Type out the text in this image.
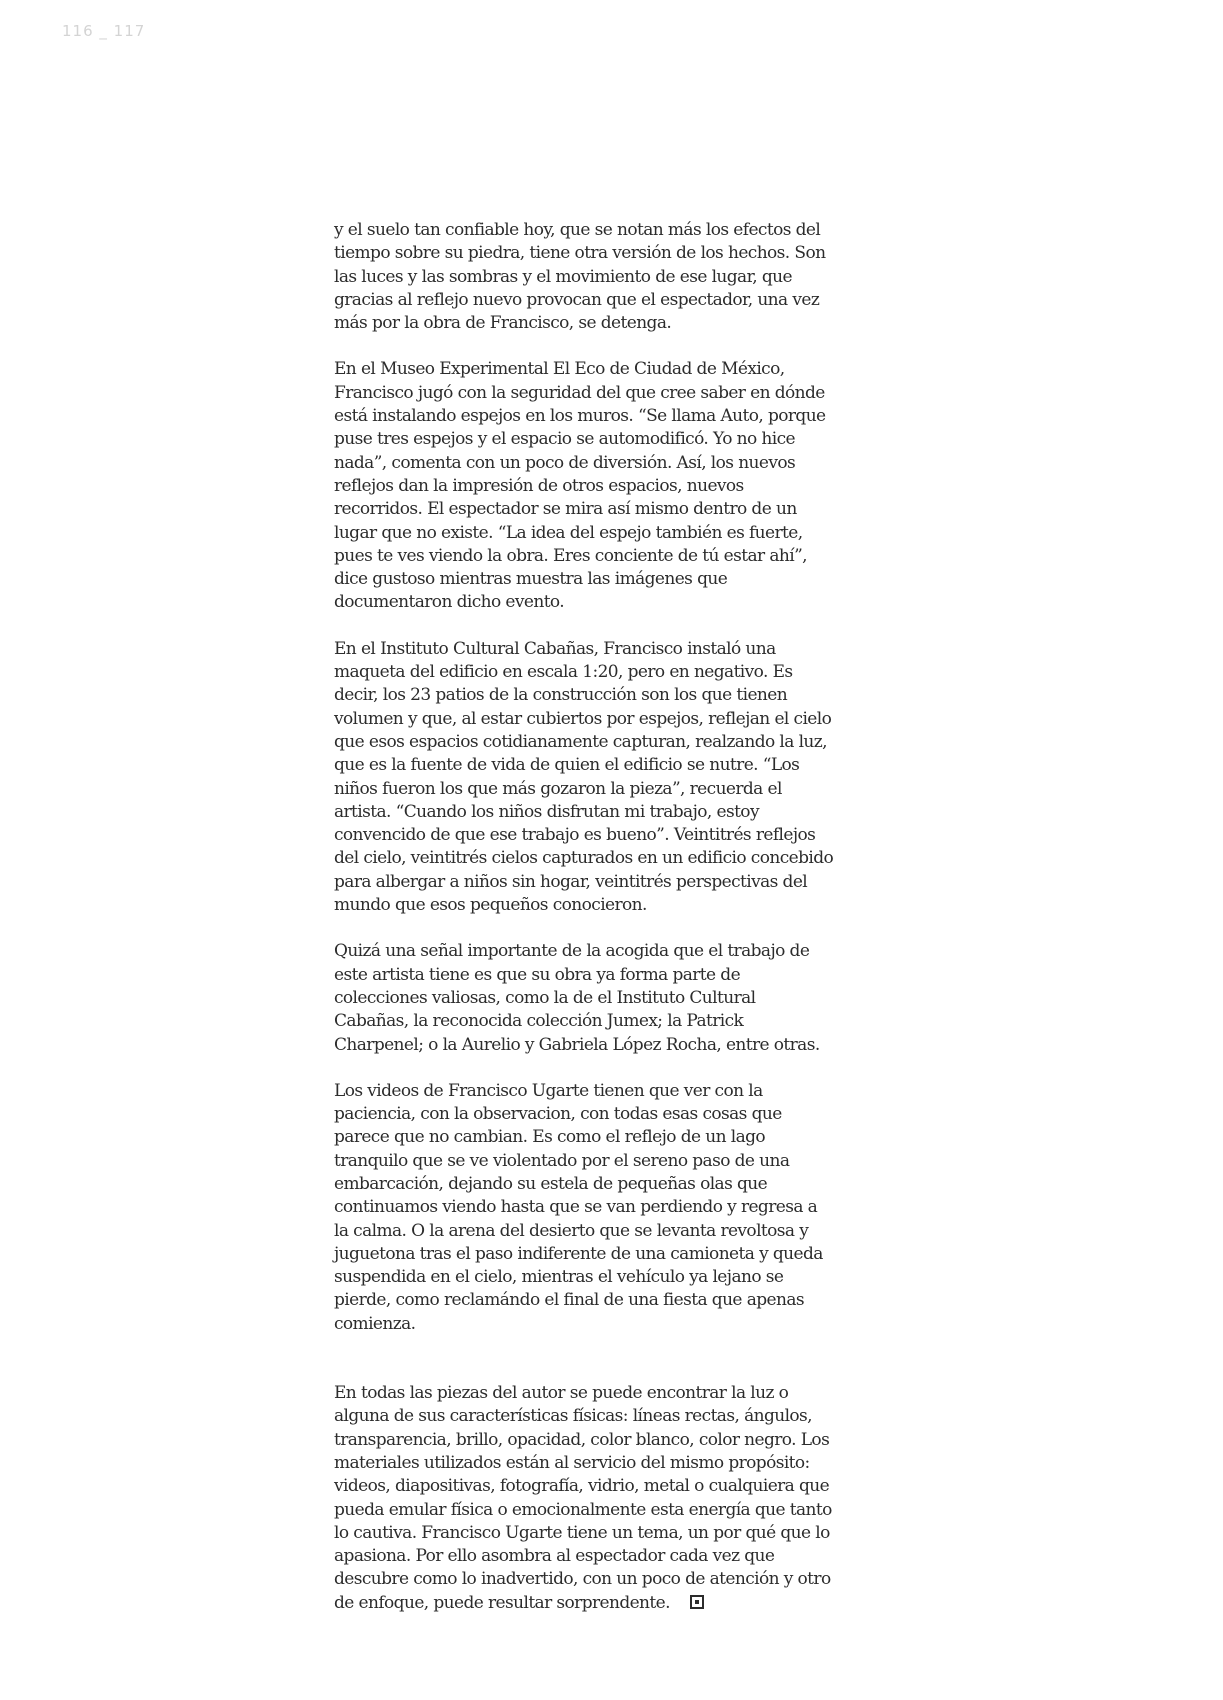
116 _ 117

y el suelo tan confiable hoy, que se notan más los efectos del tiempo sobre su piedra, tiene otra versión de los hechos. Son las luces y las sombras y el movimiento de ese lugar, que gracias al reflejo nuevo provocan que el espectador, una vez más por la obra de Francisco, se detenga.

En el Museo Experimental El Eco de Ciudad de México, Francisco jugó con la seguridad del que cree saber en dónde está instalando espejos en los muros. “Se llama Auto, porque puse tres espejos y el espacio se automodificó. Yo no hice nada”, comenta con un poco de diversión. Así, los nuevos reflejos dan la impresión de otros espacios, nuevos recorridos. El espectador se mira así mismo dentro de un lugar que no existe. “La idea del espejo también es fuerte, pues te ves viendo la obra. Eres conciente de tú estar ahí”, dice gustoso mientras muestra las imágenes que documentaron dicho evento.

En el Instituto Cultural Cabañas, Francisco instaló una maqueta del edificio en escala 1:20, pero en negativo. Es decir, los 23 patios de la construcción son los que tienen volumen y que, al estar cubiertos por espejos, reflejan el cielo que esos espacios cotidianamente capturan, realzando la luz, que es la fuente de vida de quien el edificio se nutre. “Los niños fueron los que más gozaron la pieza”, recuerda el artista. “Cuando los niños disfrutan mi trabajo, estoy convencido de que ese trabajo es bueno”. Veintitrés reflejos del cielo, veintitrés cielos capturados en un edificio concebido para albergar a niños sin hogar, veintitrés perspectivas del mundo que esos pequeños conocieron.

Quizá una señal importante de la acogida que el trabajo de este artista tiene es que su obra ya forma parte de colecciones valiosas, como la de el Instituto Cultural Cabañas, la reconocida colección Jumex; la Patrick Charpenel; o la Aurelio y Gabriela López Rocha, entre otras.

Los videos de Francisco Ugarte tienen que ver con la paciencia, con la observacion, con todas esas cosas que parece que no cambian. Es como el reflejo de un lago tranquilo que se ve violentado por el sereno paso de una embarcación, dejando su estela de pequeñas olas que continuamos viendo hasta que se van perdiendo y regresa a la calma. O la arena del desierto que se levanta revoltosa y juguetona tras el paso indiferente de una camioneta y queda suspendida en el cielo, mientras el vehículo ya lejano se pierde, como reclamándo el final de una fiesta que apenas comienza.

En todas las piezas del autor se puede encontrar la luz o alguna de sus características físicas: líneas rectas, ángulos, transparencia, brillo, opacidad, color blanco, color negro. Los materiales utilizados están al servicio del mismo propósito: videos, diapositivas, fotografía, vidrio, metal o cualquiera que pueda emular física o emocionalmente esta energía que tanto lo cautiva. Francisco Ugarte tiene un tema, un por qué que lo apasiona. Por ello asombra al espectador cada vez que descubre como lo inadvertido, con un poco de atención y otro de enfoque, puede resultar sorprendente.
